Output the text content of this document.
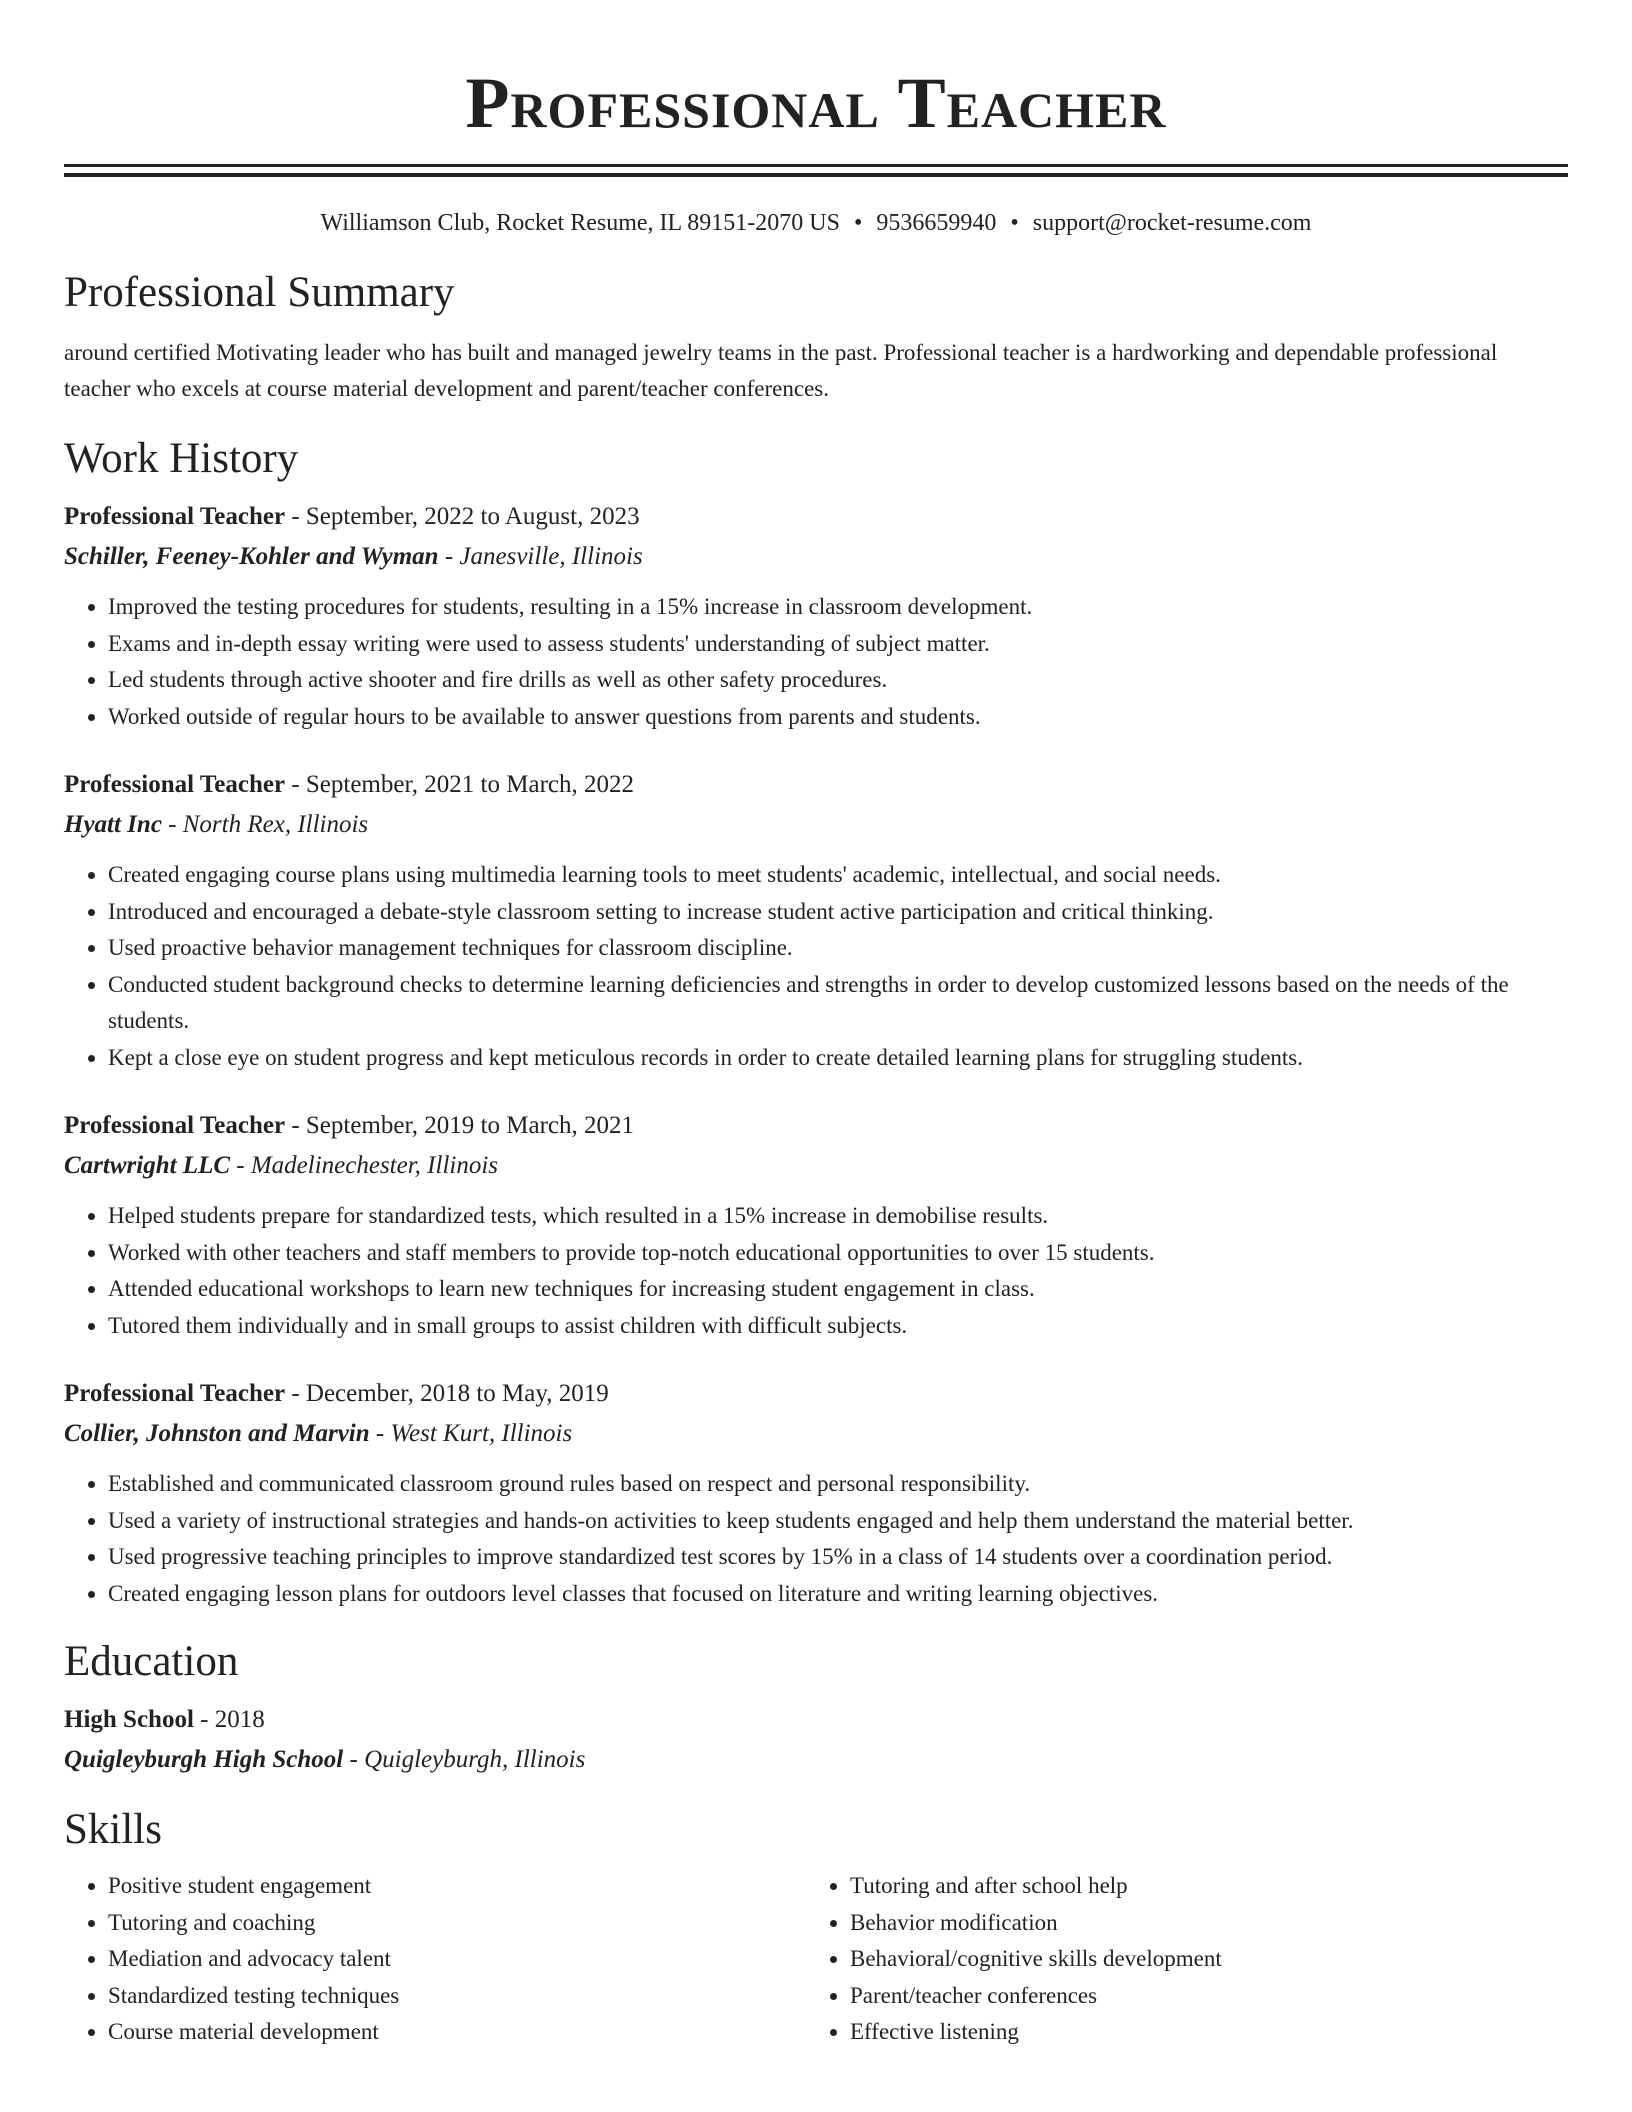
Professional Teacher
Williamson Club, Rocket Resume, IL 89151-2070 US • 9536659940 • support@rocket-resume.com
Professional Summary

around certified Motivating leader who has built and managed jewelry teams in the past. Professional teacher is a hardworking and dependable professional teacher who excels at course material development and parent/teacher conferences.

Work History
Professional Teacher - September, 2022 to August, 2023
Schiller, Feeney-Kohler and Wyman - Janesville, Illinois
• Improved the testing procedures for students, resulting in a 15% increase in classroom development.
• Exams and in-depth essay writing were used to assess students' understanding of subject matter.
• Led students through active shooter and fire drills as well as other safety procedures.
• Worked outside of regular hours to be available to answer questions from parents and students.
Professional Teacher - September, 2021 to March, 2022
Hyatt Inc - North Rex, Illinois
• Created engaging course plans using multimedia learning tools to meet students' academic, intellectual, and social needs.
• Introduced and encouraged a debate-style classroom setting to increase student active participation and critical thinking.
• Used proactive behavior management techniques for classroom discipline.
• Conducted student background checks to determine learning deficiencies and strengths in order to develop customized lessons based on the needs of the students.
• Kept a close eye on student progress and kept meticulous records in order to create detailed learning plans for struggling students.
Professional Teacher - September, 2019 to March, 2021
Cartwright LLC - Madelinechester, Illinois
• Helped students prepare for standardized tests, which resulted in a 15% increase in demobilise results.
• Worked with other teachers and staff members to provide top-notch educational opportunities to over 15 students.
• Attended educational workshops to learn new techniques for increasing student engagement in class.
• Tutored them individually and in small groups to assist children with difficult subjects.
Professional Teacher - December, 2018 to May, 2019
Collier, Johnston and Marvin - West Kurt, Illinois
• Established and communicated classroom ground rules based on respect and personal responsibility.
• Used a variety of instructional strategies and hands-on activities to keep students engaged and help them understand the material better.
• Used progressive teaching principles to improve standardized test scores by 15% in a class of 14 students over a coordination period.
• Created engaging lesson plans for outdoors level classes that focused on literature and writing learning objectives.
Education
High School - 2018
Quigleyburgh High School - Quigleyburgh, Illinois
Skills
• Positive student engagement
• Tutoring and coaching
• Mediation and advocacy talent
• Standardized testing techniques
• Course material development
• Tutoring and after school help
• Behavior modification
• Behavioral/cognitive skills development
• Parent/teacher conferences
• Effective listening
